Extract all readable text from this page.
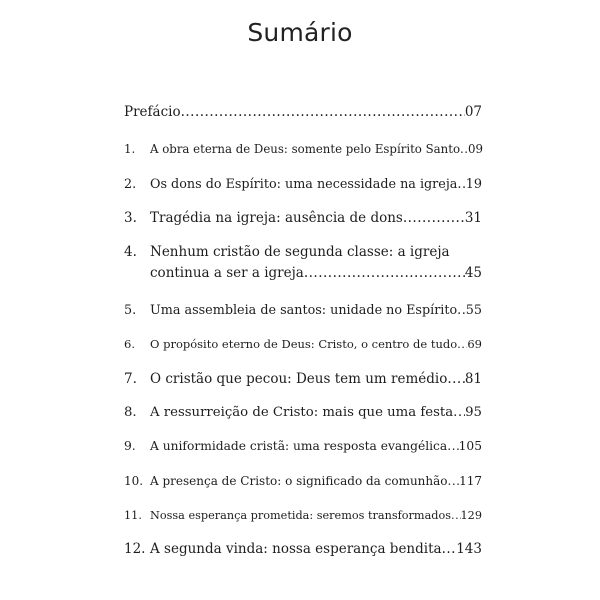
Sumário
Prefácio .....	07
1.	A obra eterna de Deus: somente pelo Espírito Santo ..... 09
2.	Os dons do Espírito: uma necessidade na igreja ..... 19
3. Tragédia na igreja: ausência de dons .....	31
4. Nenhum cristão de segunda classe: a igreja
continua a ser a igreja .....	45
5.	Uma assembleia de santos: unidade no Espírito ..... 55
6.	O propósito eterno de Deus: Cristo, o centro de tudo ..... 69
7. O cristão que pecou: Deus tem um remédio ..... 81
8.	A ressurreição de Cristo: mais que uma festa ..... 95
9.	A uniformidade cristã: uma resposta evangélica ..... 105
10. A presença de Cristo: o significado da comunhão ..... 117
11. Nossa esperança prometida: seremos transformados ..... 129
12. A segunda vinda: nossa esperança bendita ..... 143
